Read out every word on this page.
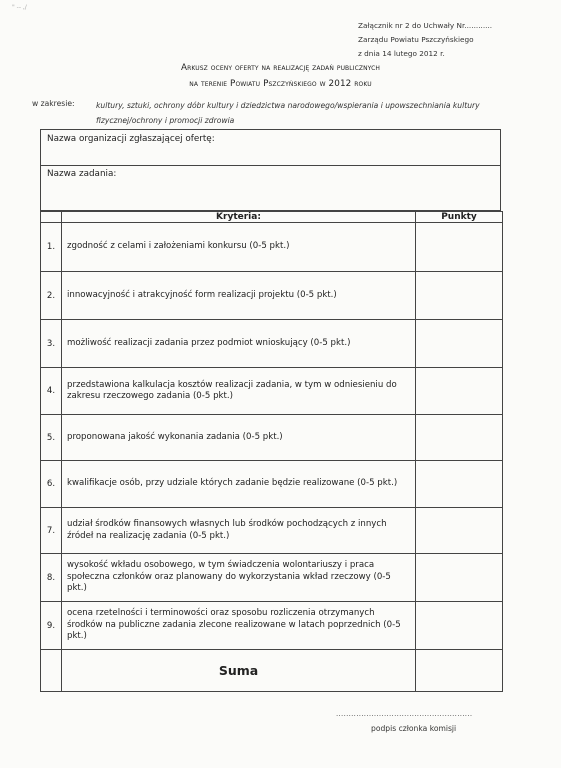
" -- ,/
Załącznik nr 2 do Uchwały Nr............
Zarządu Powiatu Pszczyńskiego
z dnia 14 lutego 2012 r.
Arkusz oceny oferty na realizację zadań publicznych
na terenie Powiatu Pszczyńskiego w 2012 roku
w zakresie:	kultury, sztuki, ochrony dóbr kultury i dziedzictwa narodowego/wspierania i upowszechniania kultury fizycznej/ochrony i promocji zdrowia
Nazwa organizacji zgłaszającej ofertę:
Nazwa zadania:
	Kryteria:	Punkty
1.	zgodność z celami i założeniami konkursu (0-5 pkt.)	
2.	innowacyjność i atrakcyjność form realizacji projektu (0-5 pkt.)	
3.	możliwość realizacji zadania przez podmiot wnioskujący (0-5 pkt.)	
4.	przedstawiona kalkulacja kosztów realizacji zadania, w tym w odniesieniu do zakresu rzeczowego zadania (0-5 pkt.)	
5.	proponowana jakość wykonania zadania (0-5 pkt.)	
6.	kwalifikacje osób, przy udziale których zadanie będzie realizowane (0-5 pkt.)	
7.	udział środków finansowych własnych lub środków pochodzących z innych źródeł na realizację zadania (0-5 pkt.)	
8.	wysokość wkładu osobowego, w tym świadczenia wolontariuszy i praca społeczna członków oraz planowany do wykorzystania wkład rzeczowy (0-5 pkt.)	
9.	ocena rzetelności i terminowości oraz sposobu rozliczenia otrzymanych środków na publiczne zadania zlecone realizowane w latach poprzednich (0-5 pkt.)	
	Suma	
......................................................
podpis członka komisji
